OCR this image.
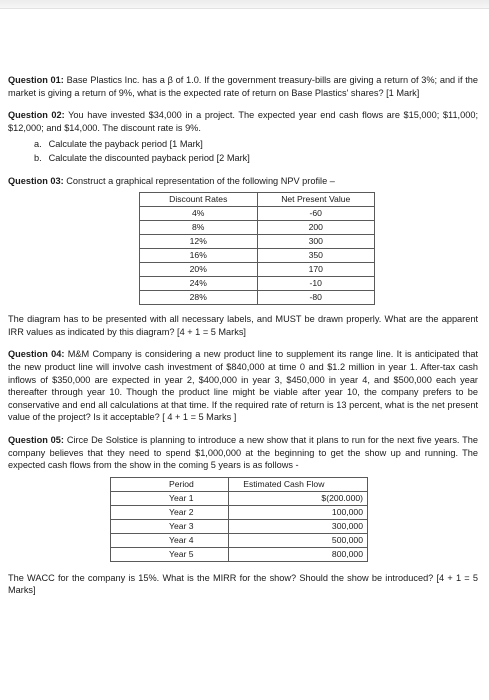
Question 01: Base Plastics Inc. has a β of 1.0. If the government treasury-bills are giving a return of 3%; and if the market is giving a return of 9%, what is the expected rate of return on Base Plastics' shares? [1 Mark]

Question 02: You have invested $34,000 in a project. The expected year end cash flows are $15,000; $11,000; $12,000; and $14,000. The discount rate is 9%.

a. Calculate the payback period [1 Mark]
b. Calculate the discounted payback period [2 Mark]

Question 03: Construct a graphical representation of the following NPV profile –

Discount Rates	Net Present Value
4%	-60
8%	200
12%	300
16%	350
20%	170
24%	-10
28%	-80

The diagram has to be presented with all necessary labels, and MUST be drawn properly. What are the apparent IRR values as indicated by this diagram? [4 + 1 = 5 Marks]

Question 04: M&M Company is considering a new product line to supplement its range line. It is anticipated that the new product line will involve cash investment of $840,000 at time 0 and $1.2 million in year 1. After-tax cash inflows of $350,000 are expected in year 2, $400,000 in year 3, $450,000 in year 4, and $500,000 each year thereafter through year 10. Though the product line might be viable after year 10, the company prefers to be conservative and end all calculations at that time. If the required rate of return is 13 percent, what is the net present value of the project? Is it acceptable? [ 4 + 1 = 5 Marks ]

Question 05: Circe De Solstice is planning to introduce a new show that it plans to run for the next five years. The company believes that they need to spend $1,000,000 at the beginning to get the show up and running. The expected cash flows from the show in the coming 5 years is as follows -

Period	Estimated Cash Flow
Year 1	$(200.000)
Year 2	100,000
Year 3	300,000
Year 4	500,000
Year 5	800,000

The WACC for the company is 15%. What is the MIRR for the show? Should the show be introduced? [4 + 1 = 5 Marks]
